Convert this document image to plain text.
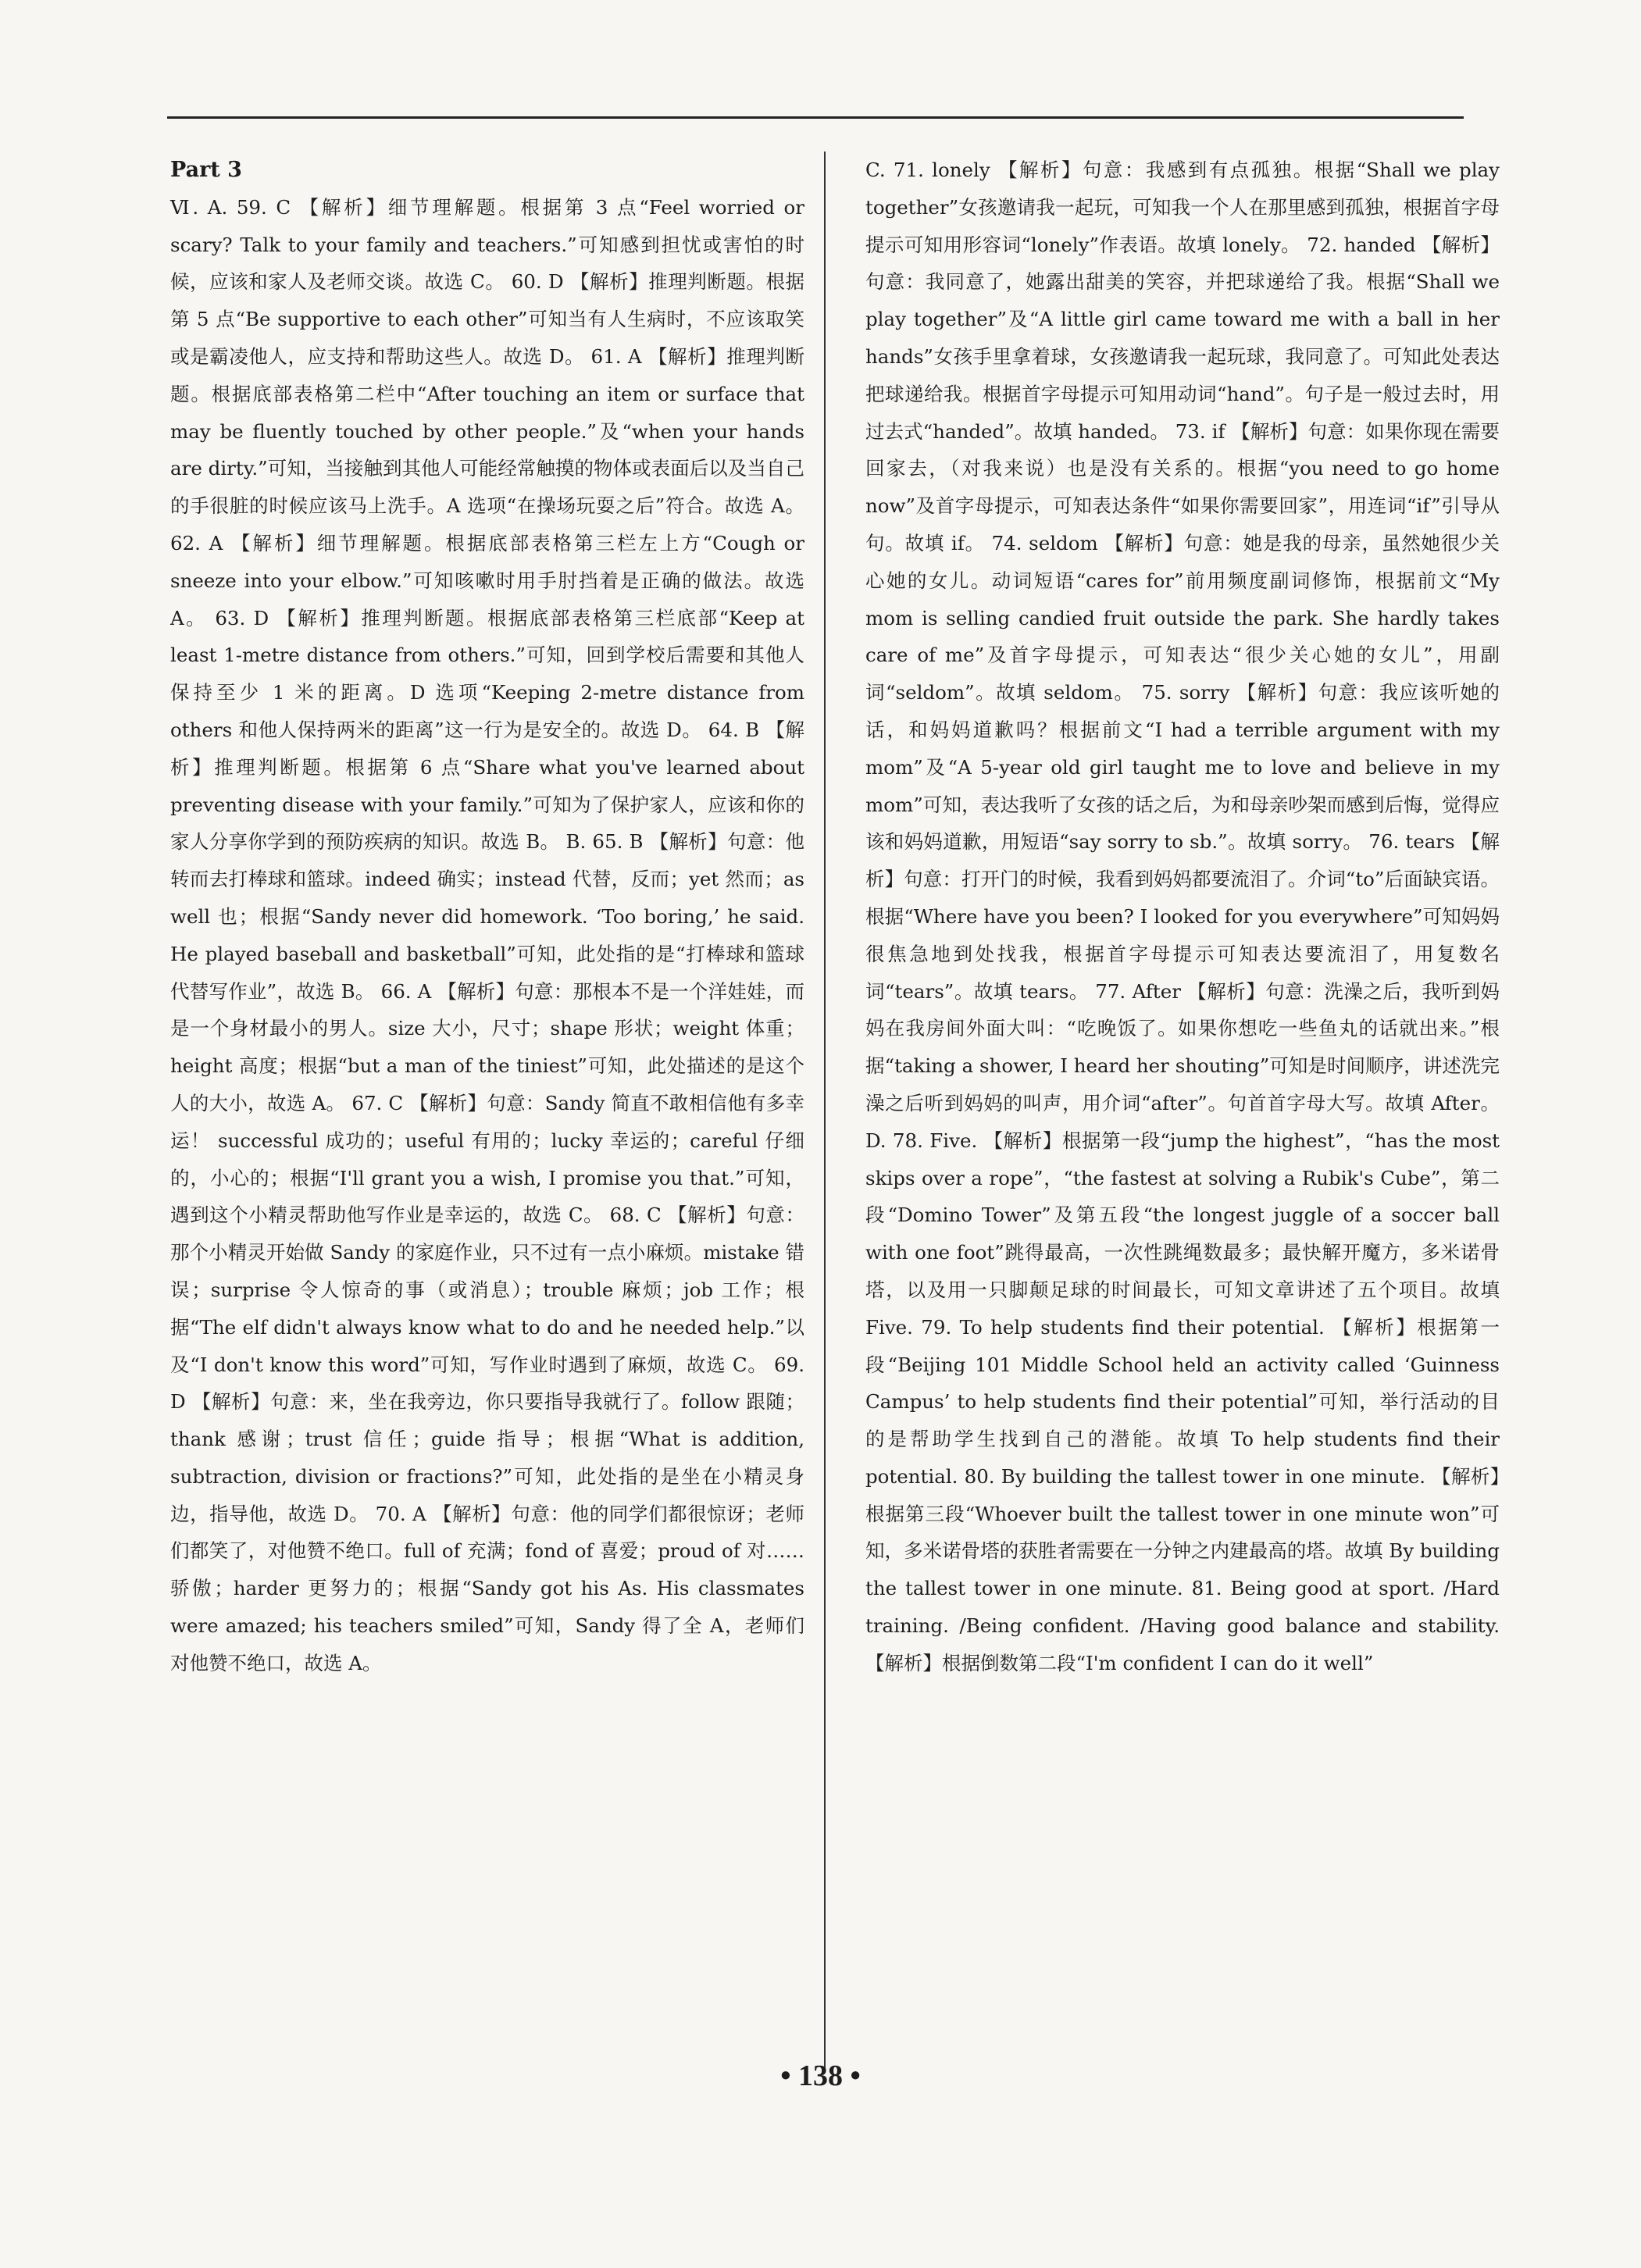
Part 3

Ⅵ. A. 59. C 【解析】细节理解题。根据第 3 点“Feel worried or scary? Talk to your family and teachers.”可知感到担忧或害怕的时候，应该和家人及老师交谈。故选 C。 60. D 【解析】推理判断题。根据第 5 点“Be supportive to each other”可知当有人生病时，不应该取笑或是霸凌他人，应支持和帮助这些人。故选 D。 61. A 【解析】推理判断题。根据底部表格第二栏中“After touching an item or surface that may be fluently touched by other people.”及“when your hands are dirty.”可知，当接触到其他人可能经常触摸的物体或表面后以及当自己的手很脏的时候应该马上洗手。A 选项“在操场玩耍之后”符合。故选 A。 62. A 【解析】细节理解题。根据底部表格第三栏左上方“Cough or sneeze into your elbow.”可知咳嗽时用手肘挡着是正确的做法。故选 A。 63. D 【解析】推理判断题。根据底部表格第三栏底部“Keep at least 1-metre distance from others.”可知，回到学校后需要和其他人保持至少 1 米的距离。D 选项“Keeping 2-metre distance from others 和他人保持两米的距离”这一行为是安全的。故选 D。 64. B 【解析】推理判断题。根据第 6 点“Share what you've learned about preventing disease with your family.”可知为了保护家人，应该和你的家人分享你学到的预防疾病的知识。故选 B。 B. 65. B 【解析】句意：他转而去打棒球和篮球。indeed 确实；instead 代替，反而；yet 然而；as well 也；根据“Sandy never did homework. ‘Too boring,’ he said. He played baseball and basketball”可知，此处指的是“打棒球和篮球代替写作业”，故选 B。 66. A 【解析】句意：那根本不是一个洋娃娃，而是一个身材最小的男人。size 大小，尺寸；shape 形状；weight 体重；height 高度；根据“but a man of the tiniest”可知，此处描述的是这个人的大小，故选 A。 67. C 【解析】句意：Sandy 简直不敢相信他有多幸运！ successful 成功的；useful 有用的；lucky 幸运的；careful 仔细的，小心的；根据“I'll grant you a wish, I promise you that.”可知，遇到这个小精灵帮助他写作业是幸运的，故选 C。 68. C 【解析】句意：那个小精灵开始做 Sandy 的家庭作业，只不过有一点小麻烦。mistake 错误；surprise 令人惊奇的事（或消息）；trouble 麻烦；job 工作；根据“The elf didn't always know what to do and he needed help.”以及“I don't know this word”可知，写作业时遇到了麻烦，故选 C。 69. D 【解析】句意：来，坐在我旁边，你只要指导我就行了。follow 跟随；thank 感谢；trust 信任；guide 指导；根据“What is addition, subtraction, division or fractions?”可知，此处指的是坐在小精灵身边，指导他，故选 D。 70. A 【解析】句意：他的同学们都很惊讶；老师们都笑了，对他赞不绝口。full of 充满；fond of 喜爱；proud of 对……骄傲；harder 更努力的；根据“Sandy got his As. His classmates were amazed; his teachers smiled”可知，Sandy 得了全 A，老师们对他赞不绝口，故选 A。

C. 71. lonely 【解析】句意：我感到有点孤独。根据“Shall we play together”女孩邀请我一起玩，可知我一个人在那里感到孤独，根据首字母提示可知用形容词“lonely”作表语。故填 lonely。 72. handed 【解析】句意：我同意了，她露出甜美的笑容，并把球递给了我。根据“Shall we play together”及“A little girl came toward me with a ball in her hands”女孩手里拿着球，女孩邀请我一起玩球，我同意了。可知此处表达把球递给我。根据首字母提示可知用动词“hand”。句子是一般过去时，用过去式“handed”。故填 handed。 73. if 【解析】句意：如果你现在需要回家去，（对我来说）也是没有关系的。根据“you need to go home now”及首字母提示，可知表达条件“如果你需要回家”，用连词“if”引导从句。故填 if。 74. seldom 【解析】句意：她是我的母亲，虽然她很少关心她的女儿。动词短语“cares for”前用频度副词修饰，根据前文“My mom is selling candied fruit outside the park. She hardly takes care of me”及首字母提示，可知表达“很少关心她的女儿”，用副词“seldom”。故填 seldom。 75. sorry 【解析】句意：我应该听她的话，和妈妈道歉吗？根据前文“I had a terrible argument with my mom”及“A 5-year old girl taught me to love and believe in my mom”可知，表达我听了女孩的话之后，为和母亲吵架而感到后悔，觉得应该和妈妈道歉，用短语“say sorry to sb.”。故填 sorry。 76. tears 【解析】句意：打开门的时候，我看到妈妈都要流泪了。介词“to”后面缺宾语。根据“Where have you been? I looked for you everywhere”可知妈妈很焦急地到处找我，根据首字母提示可知表达要流泪了，用复数名词“tears”。故填 tears。 77. After 【解析】句意：洗澡之后，我听到妈妈在我房间外面大叫：“吃晚饭了。如果你想吃一些鱼丸的话就出来。”根据“taking a shower, I heard her shouting”可知是时间顺序，讲述洗完澡之后听到妈妈的叫声，用介词“after”。句首首字母大写。故填 After。 D. 78. Five. 【解析】根据第一段“jump the highest”，“has the most skips over a rope”，“the fastest at solving a Rubik's Cube”，第二段“Domino Tower”及第五段“the longest juggle of a soccer ball with one foot”跳得最高，一次性跳绳数最多；最快解开魔方，多米诺骨塔，以及用一只脚颠足球的时间最长，可知文章讲述了五个项目。故填 Five. 79. To help students find their potential. 【解析】根据第一段“Beijing 101 Middle School held an activity called ‘Guinness Campus’ to help students find their potential”可知，举行活动的目的是帮助学生找到自己的潜能。故填 To help students find their potential. 80. By building the tallest tower in one minute. 【解析】根据第三段“Whoever built the tallest tower in one minute won”可知，多米诺骨塔的获胜者需要在一分钟之内建最高的塔。故填 By building the tallest tower in one minute. 81. Being good at sport. /Hard training. /Being confident. /Having good balance and stability. 【解析】根据倒数第二段“I'm confident I can do it well”

• 138 •
